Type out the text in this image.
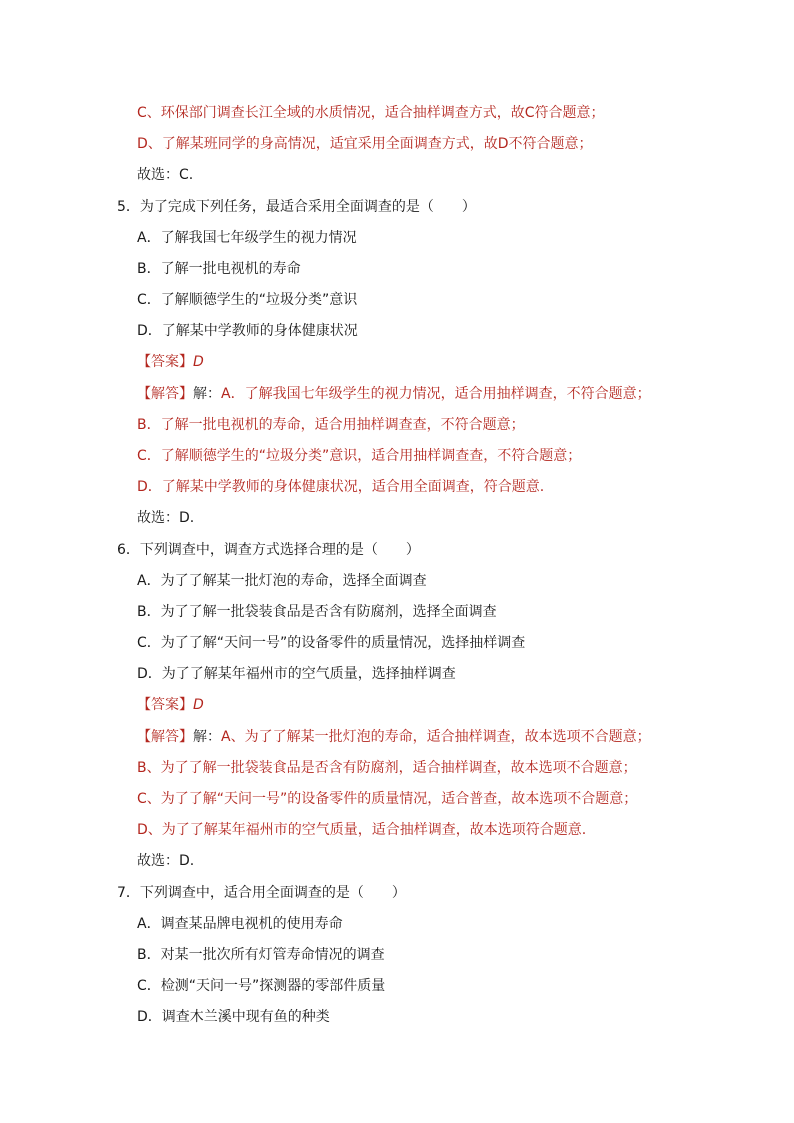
C、环保部门调查长江全域的水质情况，适合抽样调查方式，故C符合题意；
D、了解某班同学的身高情况，适宜采用全面调查方式，故D不符合题意；
故选：C.
5．为了完成下列任务，最适合采用全面调查的是（　　）
A．了解我国七年级学生的视力情况
B．了解一批电视机的寿命
C．了解顺德学生的“垃圾分类”意识
D．了解某中学教师的身体健康状况
【答案】D
【解答】解：A．了解我国七年级学生的视力情况，适合用抽样调查，不符合题意；
B．了解一批电视机的寿命，适合用抽样调查查，不符合题意；
C．了解顺德学生的“垃圾分类”意识，适合用抽样调查查，不符合题意；
D．了解某中学教师的身体健康状况，适合用全面调查，符合题意.
故选：D.
6．下列调查中，调查方式选择合理的是（　　）
A．为了了解某一批灯泡的寿命，选择全面调查
B．为了了解一批袋装食品是否含有防腐剂，选择全面调查
C．为了了解“天问一号”的设备零件的质量情况，选择抽样调查
D．为了了解某年福州市的空气质量，选择抽样调查
【答案】D
【解答】解：A、为了了解某一批灯泡的寿命，适合抽样调查，故本选项不合题意；
B、为了了解一批袋装食品是否含有防腐剂，适合抽样调查，故本选项不合题意；
C、为了了解“天问一号”的设备零件的质量情况，适合普查，故本选项不合题意；
D、为了了解某年福州市的空气质量，适合抽样调查，故本选项符合题意.
故选：D.
7．下列调查中，适合用全面调查的是（　　）
A．调查某品牌电视机的使用寿命
B．对某一批次所有灯管寿命情况的调查
C．检测“天问一号”探测器的零部件质量
D．调查木兰溪中现有鱼的种类
